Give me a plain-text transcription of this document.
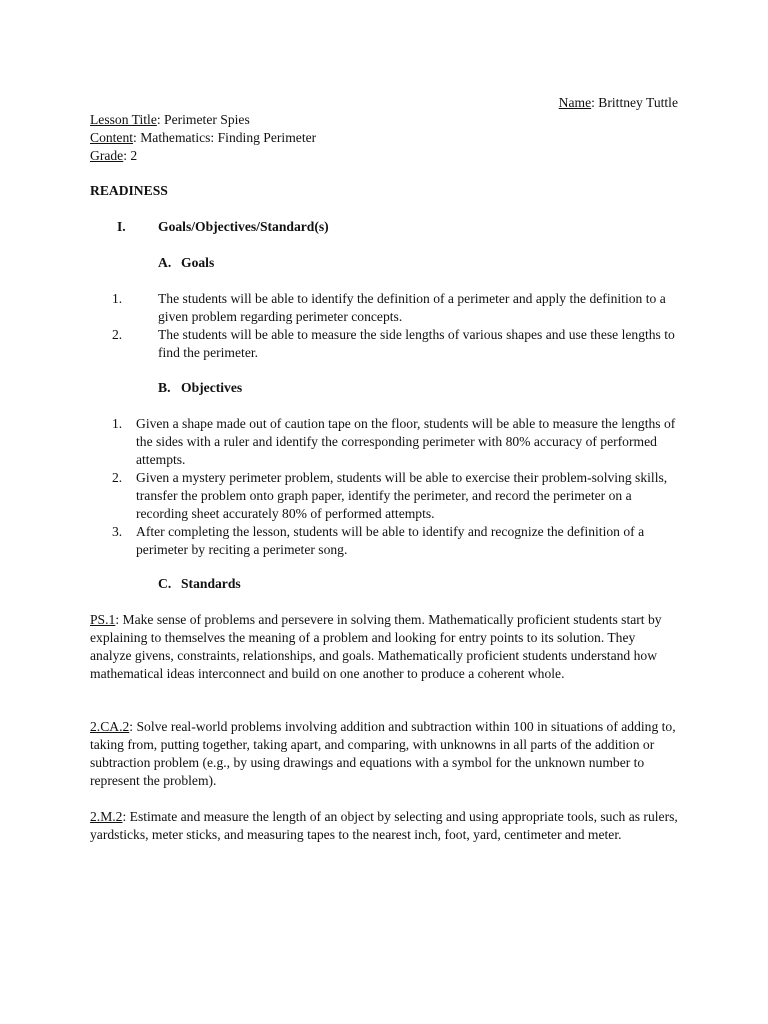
Name: Brittney Tuttle
Lesson Title: Perimeter Spies
Content: Mathematics: Finding Perimeter
Grade: 2
READINESS
I. Goals/Objectives/Standard(s)
A. Goals
1.	The students will be able to identify the definition of a perimeter and apply the definition to a given problem regarding perimeter concepts.
2.	The students will be able to measure the side lengths of various shapes and use these lengths to find the perimeter.
B. Objectives
1. Given a shape made out of caution tape on the floor, students will be able to measure the lengths of the sides with a ruler and identify the corresponding perimeter with 80% accuracy of performed attempts.
2. Given a mystery perimeter problem, students will be able to exercise their problem-solving skills, transfer the problem onto graph paper, identify the perimeter, and record the perimeter on a recording sheet accurately 80% of performed attempts.
3. After completing the lesson, students will be able to identify and recognize the definition of a perimeter by reciting a perimeter song.
C. Standards

PS.1: Make sense of problems and persevere in solving them. Mathematically proficient students start by explaining to themselves the meaning of a problem and looking for entry points to its solution. They analyze givens, constraints, relationships, and goals. Mathematically proficient students understand how mathematical ideas interconnect and build on one another to produce a coherent whole.

2.CA.2: Solve real-world problems involving addition and subtraction within 100 in situations of adding to, taking from, putting together, taking apart, and comparing, with unknowns in all parts of the addition or subtraction problem (e.g., by using drawings and equations with a symbol for the unknown number to represent the problem).

2.M.2: Estimate and measure the length of an object by selecting and using appropriate tools, such as rulers, yardsticks, meter sticks, and measuring tapes to the nearest inch, foot, yard, centimeter and meter.
